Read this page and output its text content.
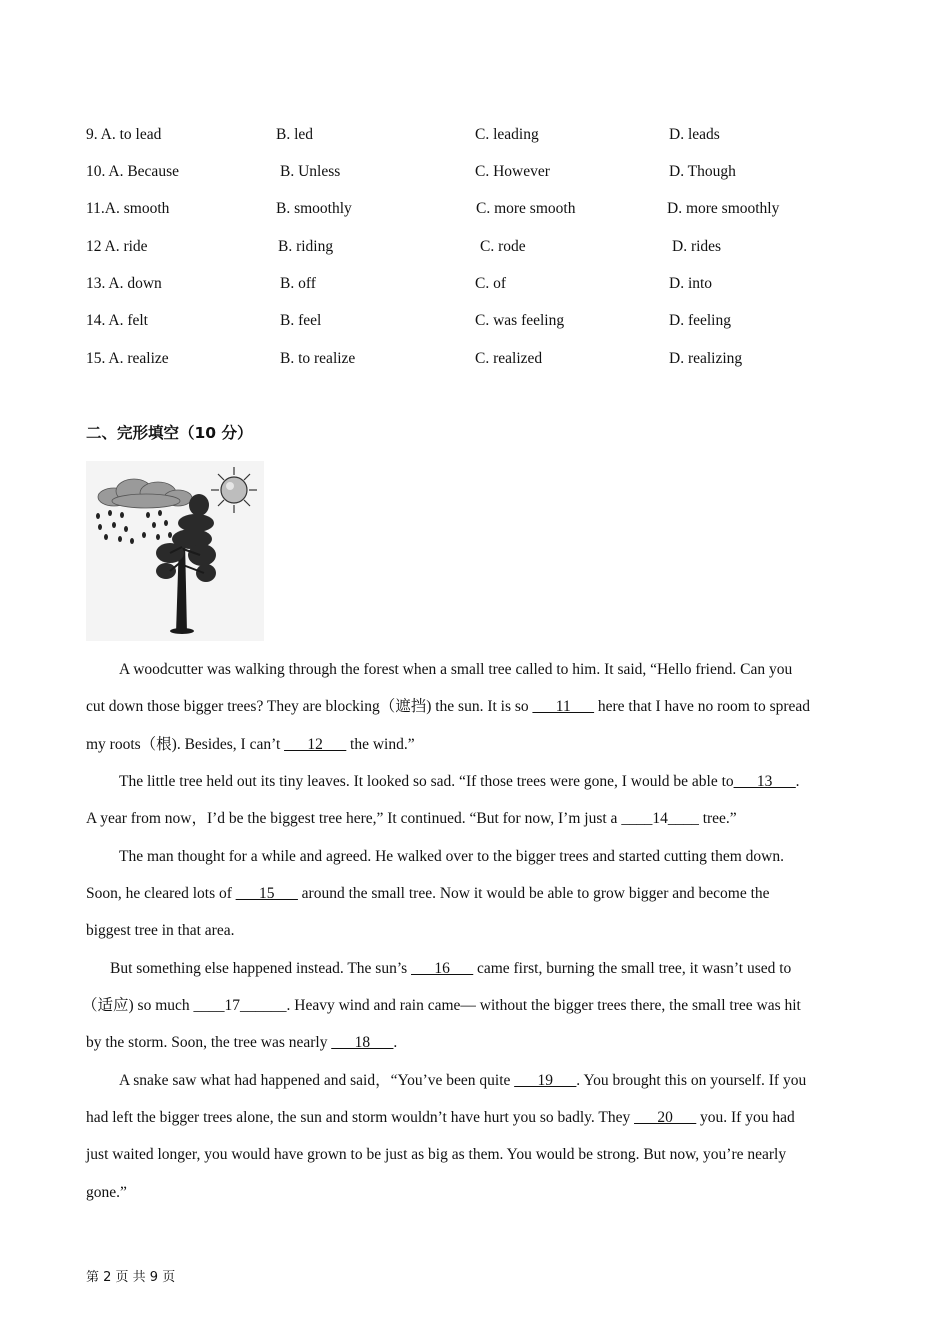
9. A. to lead	B. led	C. leading	D. leads
10. A. Because	B. Unless	C. However	D. Though
11.A. smooth	B. smoothly	C. more smooth	D. more smoothly
12 A. ride	B. riding	C. rode	D. rides
13. A. down	B. off	C. of	D. into
14. A. felt	B. feel	C. was feeling	D. feeling
15. A. realize	B. to realize	C. realized	D. realizing
二、完形填空（10 分）
A woodcutter was walking through the forest when a small tree called to him. It said, “Hello friend. Can you
cut down those bigger trees? They are blocking（遮挡) the sun. It is so ___11___ here that I have no room to spread
my roots（根). Besides, I can’t ___12___ the wind.”
The little tree held out its tiny leaves. It looked so sad. “If those trees were gone, I would be able to___13___.
A year from now，I’d be the biggest tree here,” It continued. “But for now, I’m just a ____14____ tree.”
The man thought for a while and agreed. He walked over to the bigger trees and started cutting them down.
Soon, he cleared lots of ___15___ around the small tree. Now it would be able to grow bigger and become the
biggest tree in that area.
But something else happened instead. The sun’s ___16___ came first, burning the small tree, it wasn’t used to
（适应) so much ____17______. Heavy wind and rain came— without the bigger trees there, the small tree was hit
by the storm. Soon, the tree was nearly ___18___.
A snake saw what had happened and said，“You’ve been quite ___19___. You brought this on yourself. If you
had left the bigger trees alone, the sun and storm wouldn’t have hurt you so badly. They ___20___ you. If you had
just waited longer, you would have grown to be just as big as them. You would be strong. But now, you’re nearly
gone.”
第 2 页 共 9 页
